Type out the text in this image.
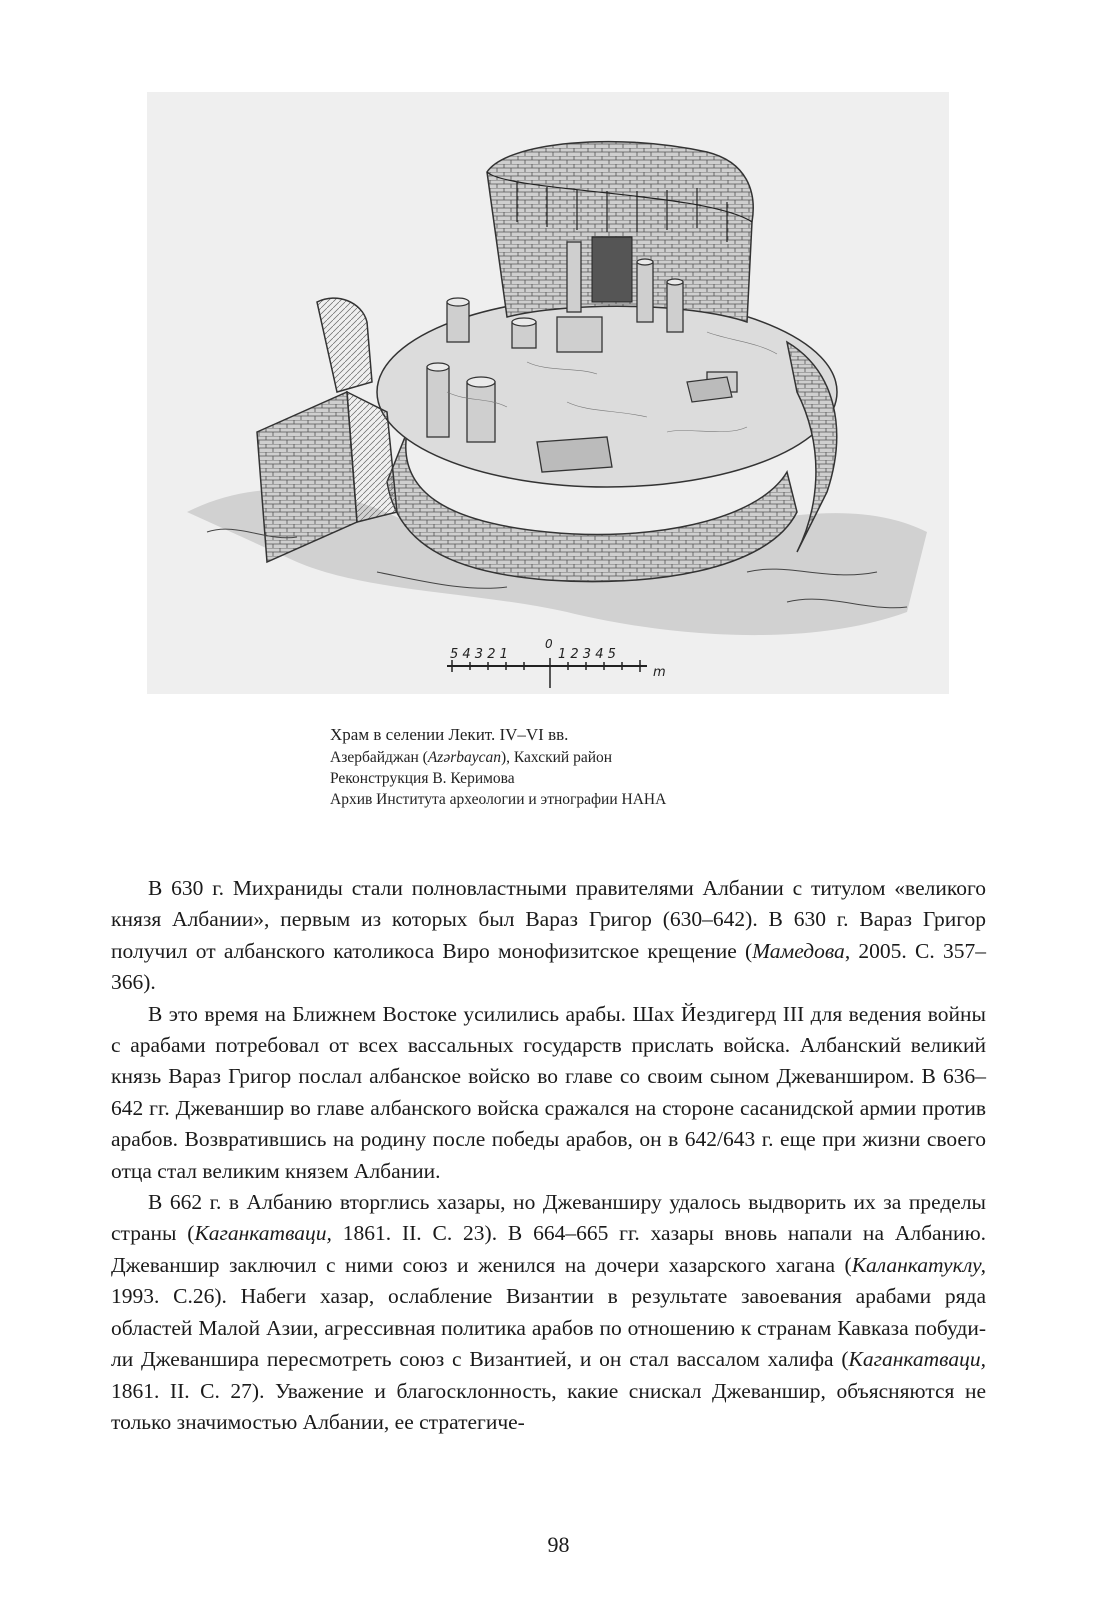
5 4 3 2 1
0
1 2 3 4 5
m
Храм в селении Лекит. IV–VI вв.
Азербайджан (Azərbaycan), Кахский район
Реконструкция В. Керимова
Архив Института археологии и этнографии НАНА

В 630 г. Михраниды стали полновластными правителями Албании с титулом «великого князя Албании», первым из которых был Вараз Григор (630–642). В 630 г. Вараз Григор получил от албанского католикоса Виро монофизитское крещение (Мамедова, 2005. С. 357–366).

В это время на Ближнем Востоке усилились арабы. Шах Йездигерд III для ведения войны с арабами потребовал от всех вассальных государств прислать войска. Албанский великий князь Вараз Григор послал албанское войско во главе со своим сыном Джеванширом. В 636–642 гг. Джеваншир во главе албанского войска сражался на стороне сасанидской армии против арабов. Возвратившись на родину после победы арабов, он в 642/643 г. еще при жизни своего отца стал великим князем Албании.

В 662 г. в Албанию вторглись хазары, но Джеванширу удалось выдворить их за пределы страны (Каганкатваци, 1861. II. С. 23). В 664–665 гг. хазары вновь напали на Албанию. Джеваншир заключил с ними союз и женился на дочери хазарского хагана (Каланкатуклу, 1993. С.26). Набеги хазар, ослабление Византии в результате завоевания арабами ряда областей Малой Азии, агрессивная политика арабов по отношению к странам Кавказа побудили Джеваншира пересмотреть союз с Византией, и он стал вассалом халифа (Каганкатваци, 1861. II. С. 27). Уважение и благосклонность, какие снискал Джеваншир, объясняются не только значимостью Албании, ее стратегиче-

98
